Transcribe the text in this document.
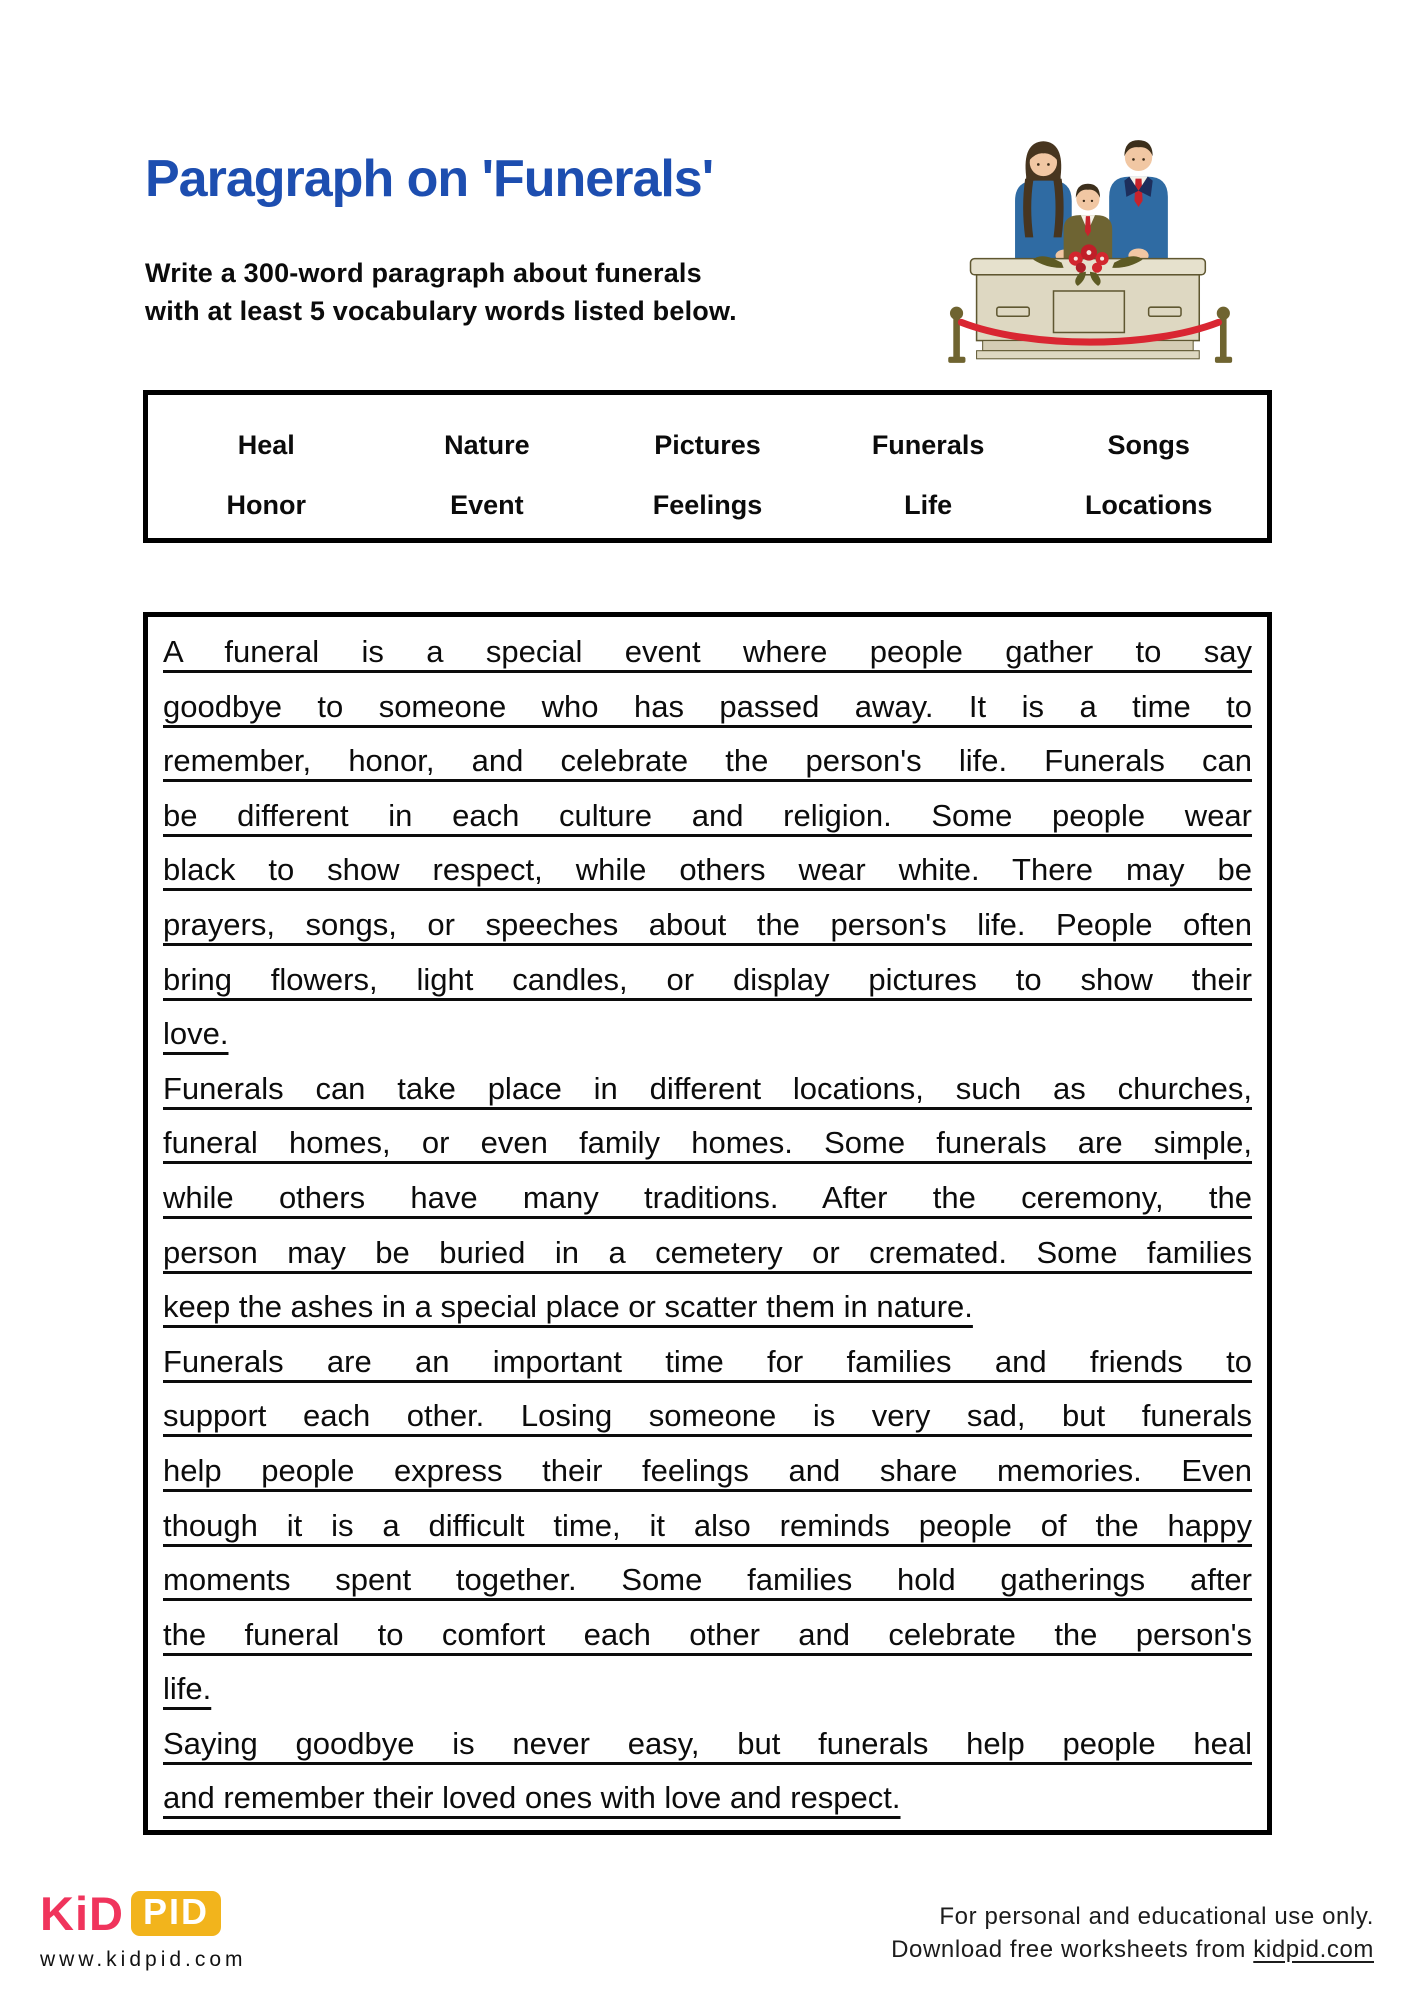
Paragraph on 'Funerals'
Write a 300-word paragraph about funerals
with at least 5 vocabulary words listed below.
Heal	Nature	Pictures	Funerals	Songs
Honor	Event	Feelings	Life	Locations
A funeral is a special event where people gather to say
goodbye to someone who has passed away. It is a time to
remember, honor, and celebrate the person's life. Funerals can
be different in each culture and religion. Some people wear
black to show respect, while others wear white. There may be
prayers, songs, or speeches about the person's life. People often
bring flowers, light candles, or display pictures to show their
love.
Funerals can take place in different locations, such as churches,
funeral homes, or even family homes. Some funerals are simple,
while others have many traditions. After the ceremony, the
person may be buried in a cemetery or cremated. Some families
keep the ashes in a special place or scatter them in nature.
Funerals are an important time for families and friends to
support each other. Losing someone is very sad, but funerals
help people express their feelings and share memories. Even
though it is a difficult time, it also reminds people of the happy
moments spent together. Some families hold gatherings after
the funeral to comfort each other and celebrate the person's
life.
Saying goodbye is never easy, but funerals help people heal
and remember their loved ones with love and respect.
KiD PID
www.kidpid.com
For personal and educational use only.
Download free worksheets from kidpid.com
